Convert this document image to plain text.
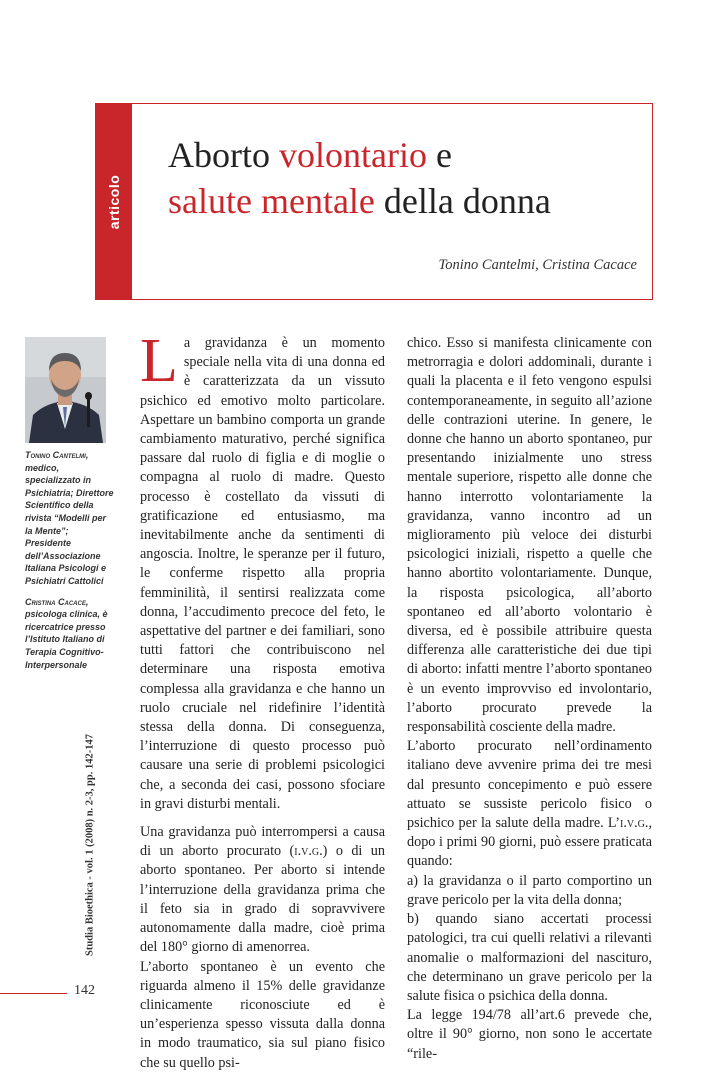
articolo
Aborto volontario e
salute mentale della donna
Tonino Cantelmi, Cristina Cacace

Tonino Cantelmi, medico, specializzato in Psichiatria; Direttore Scientifico della rivista “Modelli per la Mente”; Presidente dell’Associazione Italiana Psicologi e Psichiatri Cattolici

Cristina Cacace, psicologa clinica, è ricercatrice presso l’Istituto Italiano di Terapia Cognitivo-Interpersonale

Studia Bioethica - vol. 1 (2008) n. 2-3, pp. 142-147

La gravidanza è un momento speciale nella vita di una donna ed è caratterizzata da un vissuto psichico ed emotivo molto particolare. Aspettare un bambino comporta un grande cambiamento maturativo, perché significa passare dal ruolo di figlia e di moglie o compagna al ruolo di madre. Questo processo è costellato da vissuti di gratificazione ed entusiasmo, ma inevitabilmente anche da sentimenti di angoscia. Inoltre, le speranze per il futuro, le conferme rispetto alla propria femminilità, il sentirsi realizzata come donna, l’accudimento precoce del feto, le aspettative del partner e dei familiari, sono tutti fattori che contribuiscono nel determinare una risposta emotiva complessa alla gravidanza e che hanno un ruolo cruciale nel ridefinire l’identità stessa della donna. Di conseguenza, l’interruzione di questo processo può causare una serie di problemi psicologici che, a seconda dei casi, possono sfociare in gravi disturbi mentali.

Una gravidanza può interrompersi a causa di un aborto procurato (i.v.g.) o di un aborto spontaneo. Per aborto si intende l’interruzione della gravidanza prima che il feto sia in grado di sopravvivere autonomamente dalla madre, cioè prima del 180° giorno di amenorrea.

L’aborto spontaneo è un evento che riguarda almeno il 15% delle gravidanze clinicamente riconosciute ed è un’esperienza spesso vissuta dalla donna in modo traumatico, sia sul piano fisico che su quello psi-

chico. Esso si manifesta clinicamente con metrorragia e dolori addominali, durante i quali la placenta e il feto vengono espulsi contemporaneamente, in seguito all’azione delle contrazioni uterine. In genere, le donne che hanno un aborto spontaneo, pur presentando inizialmente uno stress mentale superiore, rispetto alle donne che hanno interrotto volontariamente la gravidanza, vanno incontro ad un miglioramento più veloce dei disturbi psicologici iniziali, rispetto a quelle che hanno abortito volontariamente. Dunque, la risposta psicologica, all’aborto spontaneo ed all’aborto volontario è diversa, ed è possibile attribuire questa differenza alle caratteristiche dei due tipi di aborto: infatti mentre l’aborto spontaneo è un evento improvviso ed involontario, l’aborto procurato prevede la responsabilità cosciente della madre.

L’aborto procurato nell’ordinamento italiano deve avvenire prima dei tre mesi dal presunto concepimento e può essere attuato se sussiste pericolo fisico o psichico per la salute della madre. L’i.v.g., dopo i primi 90 giorni, può essere praticata quando:

a) la gravidanza o il parto comportino un grave pericolo per la vita della donna;

b) quando siano accertati processi patologici, tra cui quelli relativi a rilevanti anomalie o malformazioni del nascituro, che determinano un grave pericolo per la salute fisica o psichica della donna.

La legge 194/78 all’art.6 prevede che, oltre il 90° giorno, non sono le accertate “rile-

142
